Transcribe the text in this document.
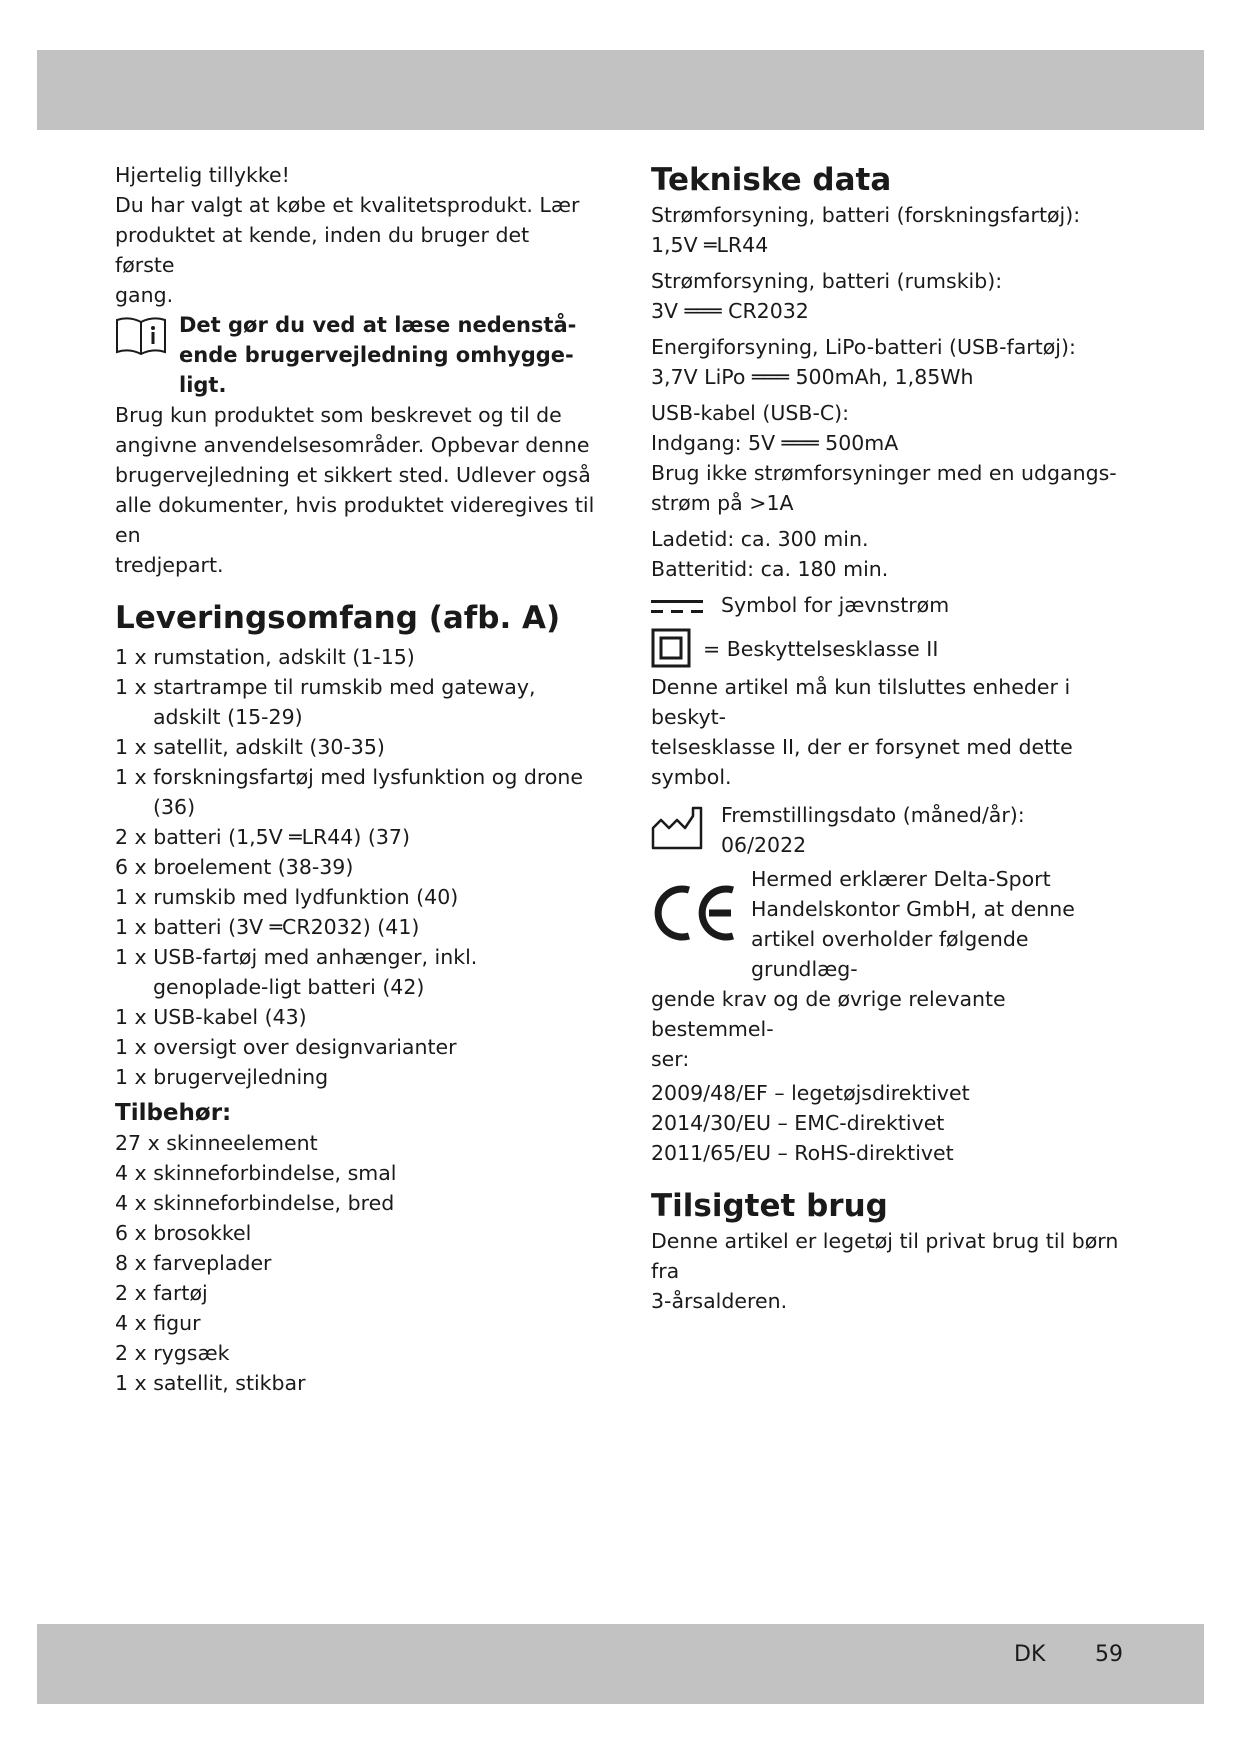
Hjertelig tillykke!

Du har valgt at købe et kvalitetsprodukt. Lær

produktet at kende, inden du bruger det første

gang.

Det gør du ved at læse nedenstå-

ende brugervejledning omhygge-

ligt.

Brug kun produktet som beskrevet og til de

angivne anvendelsesområder. Opbevar denne

brugervejledning et sikkert sted. Udlever også

alle dokumenter, hvis produktet videregives til en

tredjepart.

Leveringsomfang (afb. A)

1 x rumstation, adskilt (1-15)

1 x startrampe til rumskib med gateway, adskilt (15-29)

1 x satellit, adskilt (30-35)

1 x forskningsfartøj med lysfunktion og drone (36)

2 x batteri (1,5V ═LR44) (37)

6 x broelement (38-39)

1 x rumskib med lydfunktion (40)

1 x batteri (3V ═CR2032) (41)

1 x USB-fartøj med anhænger, inkl. genoplade-ligt batteri (42)

1 x USB-kabel (43)

1 x oversigt over designvarianter

1 x brugervejledning

Tilbehør:

27 x skinneelement

4 x skinneforbindelse, smal

4 x skinneforbindelse, bred

6 x brosokkel

8 x farveplader

2 x fartøj

4 x figur

2 x rygsæk

1 x satellit, stikbar

Tekniske data

Strømforsyning, batteri (forskningsfartøj):

1,5V ═LR44

Strømforsyning, batteri (rumskib):

3V ═══ CR2032

Energiforsyning, LiPo-batteri (USB-fartøj):

3,7V LiPo ═══ 500mAh, 1,85Wh

USB-kabel (USB-C):

Indgang: 5V ═══ 500mA

Brug ikke strømforsyninger med en udgangs-

strøm på >1A

Ladetid: ca. 300 min.

Batteritid: ca. 180 min.

Symbol for jævnstrøm

= Beskyttelsesklasse II

Denne artikel må kun tilsluttes enheder i beskyt-

telsesklasse II, der er forsynet med dette symbol.

Fremstillingsdato (måned/år):

06/2022

Hermed erklærer Delta-Sport

Handelskontor GmbH, at denne

artikel overholder følgende grundlæg-

gende krav og de øvrige relevante bestemmel-

ser:

2009/48/EF – legetøjsdirektivet

2014/30/EU – EMC-direktivet

2011/65/EU – RoHS-direktivet

Tilsigtet brug

Denne artikel er legetøj til privat brug til børn fra

3-årsalderen.

DK 59
